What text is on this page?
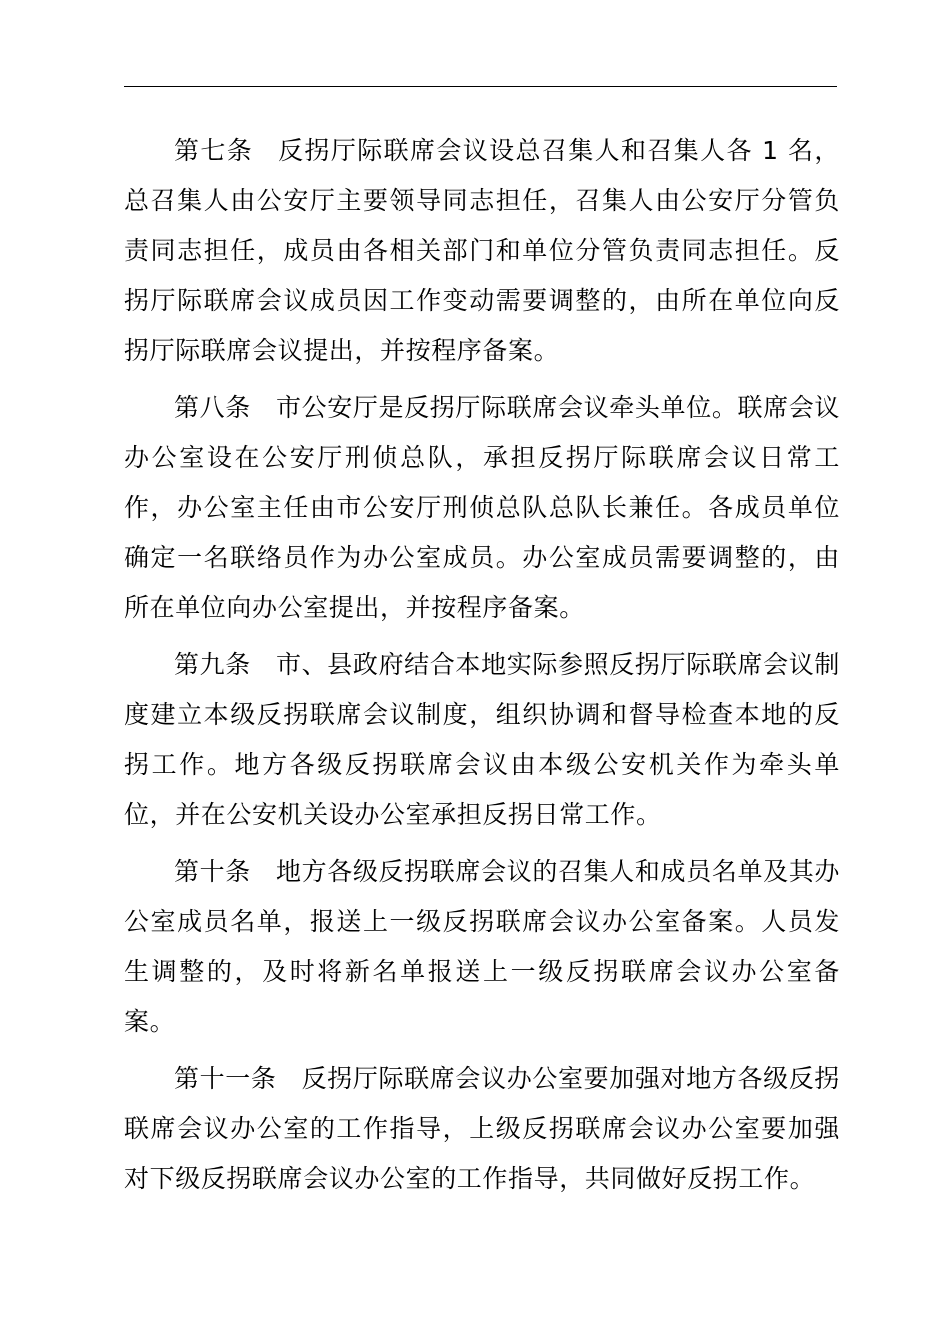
第七条 反拐厅际联席会议设总召集人和召集人各 1 名，总召集人由公安厅主要领导同志担任，召集人由公安厅分管负责同志担任，成员由各相关部门和单位分管负责同志担任。反拐厅际联席会议成员因工作变动需要调整的，由所在单位向反拐厅际联席会议提出，并按程序备案。

第八条 市公安厅是反拐厅际联席会议牵头单位。联席会议办公室设在公安厅刑侦总队，承担反拐厅际联席会议日常工作，办公室主任由市公安厅刑侦总队总队长兼任。各成员单位确定一名联络员作为办公室成员。办公室成员需要调整的，由所在单位向办公室提出，并按程序备案。

第九条 市、县政府结合本地实际参照反拐厅际联席会议制度建立本级反拐联席会议制度，组织协调和督导检查本地的反拐工作。地方各级反拐联席会议由本级公安机关作为牵头单位，并在公安机关设办公室承担反拐日常工作。

第十条 地方各级反拐联席会议的召集人和成员名单及其办公室成员名单，报送上一级反拐联席会议办公室备案。人员发生调整的，及时将新名单报送上一级反拐联席会议办公室备案。

第十一条 反拐厅际联席会议办公室要加强对地方各级反拐联席会议办公室的工作指导，上级反拐联席会议办公室要加强对下级反拐联席会议办公室的工作指导，共同做好反拐工作。
